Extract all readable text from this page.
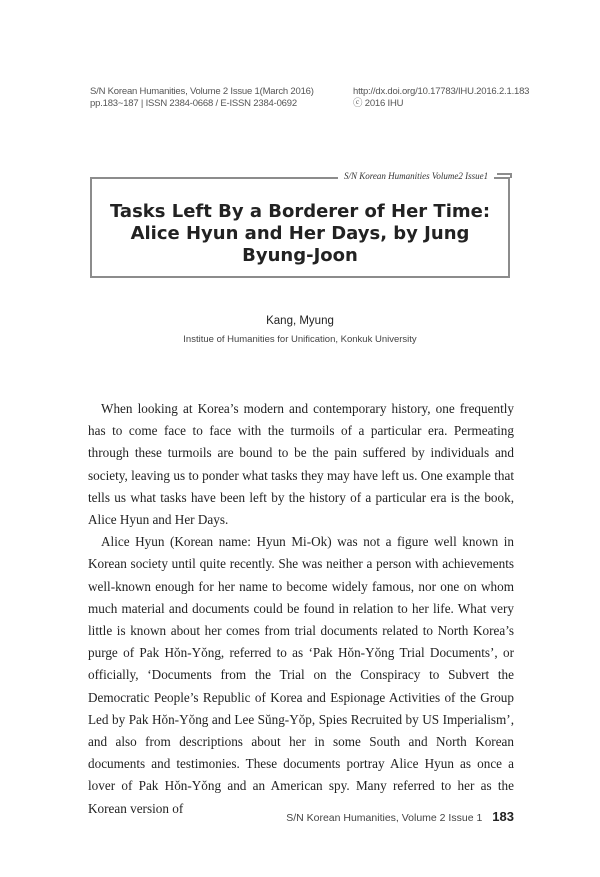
S/N Korean Humanities, Volume 2 Issue 1(March 2016)
pp.183~187 | ISSN 2384-0668 / E-ISSN 2384-0692
http://dx.doi.org/10.17783/IHU.2016.2.1.183
ⓒ 2016 IHU
S/N Korean Humanities Volume2 Issue1
Tasks Left By a Borderer of Her Time:
Alice Hyun and Her Days, by Jung
Byung-Joon
Kang, Myung
Institue of Humanities for Unification, Konkuk University

When looking at Korea’s modern and contemporary history, one frequently has to come face to face with the turmoils of a particular era. Permeating through these turmoils are bound to be the pain suffered by individuals and society, leaving us to ponder what tasks they may have left us. One example that tells us what tasks have been left by the history of a particular era is the book, Alice Hyun and Her Days.

Alice Hyun (Korean name: Hyun Mi-Ok) was not a figure well known in Korean society until quite recently. She was neither a person with achievements well-known enough for her name to become widely famous, nor one on whom much material and documents could be found in relation to her life. What very little is known about her comes from trial documents related to North Korea’s purge of Pak Hŏn-Yŏng, referred to as ‘Pak Hŏn-Yŏng Trial Documents’, or officially, ‘Documents from the Trial on the Conspiracy to Subvert the Democratic People’s Republic of Korea and Espionage Activities of the Group Led by Pak Hŏn-Yŏng and Lee Sŭng-Yŏp, Spies Recruited by US Imperialism’, and also from descriptions about her in some South and North Korean documents and testimonies. These documents portray Alice Hyun as once a lover of Pak Hŏn-Yŏng and an American spy. Many referred to her as the Korean version of

S/N Korean Humanities, Volume 2 Issue 1 183
